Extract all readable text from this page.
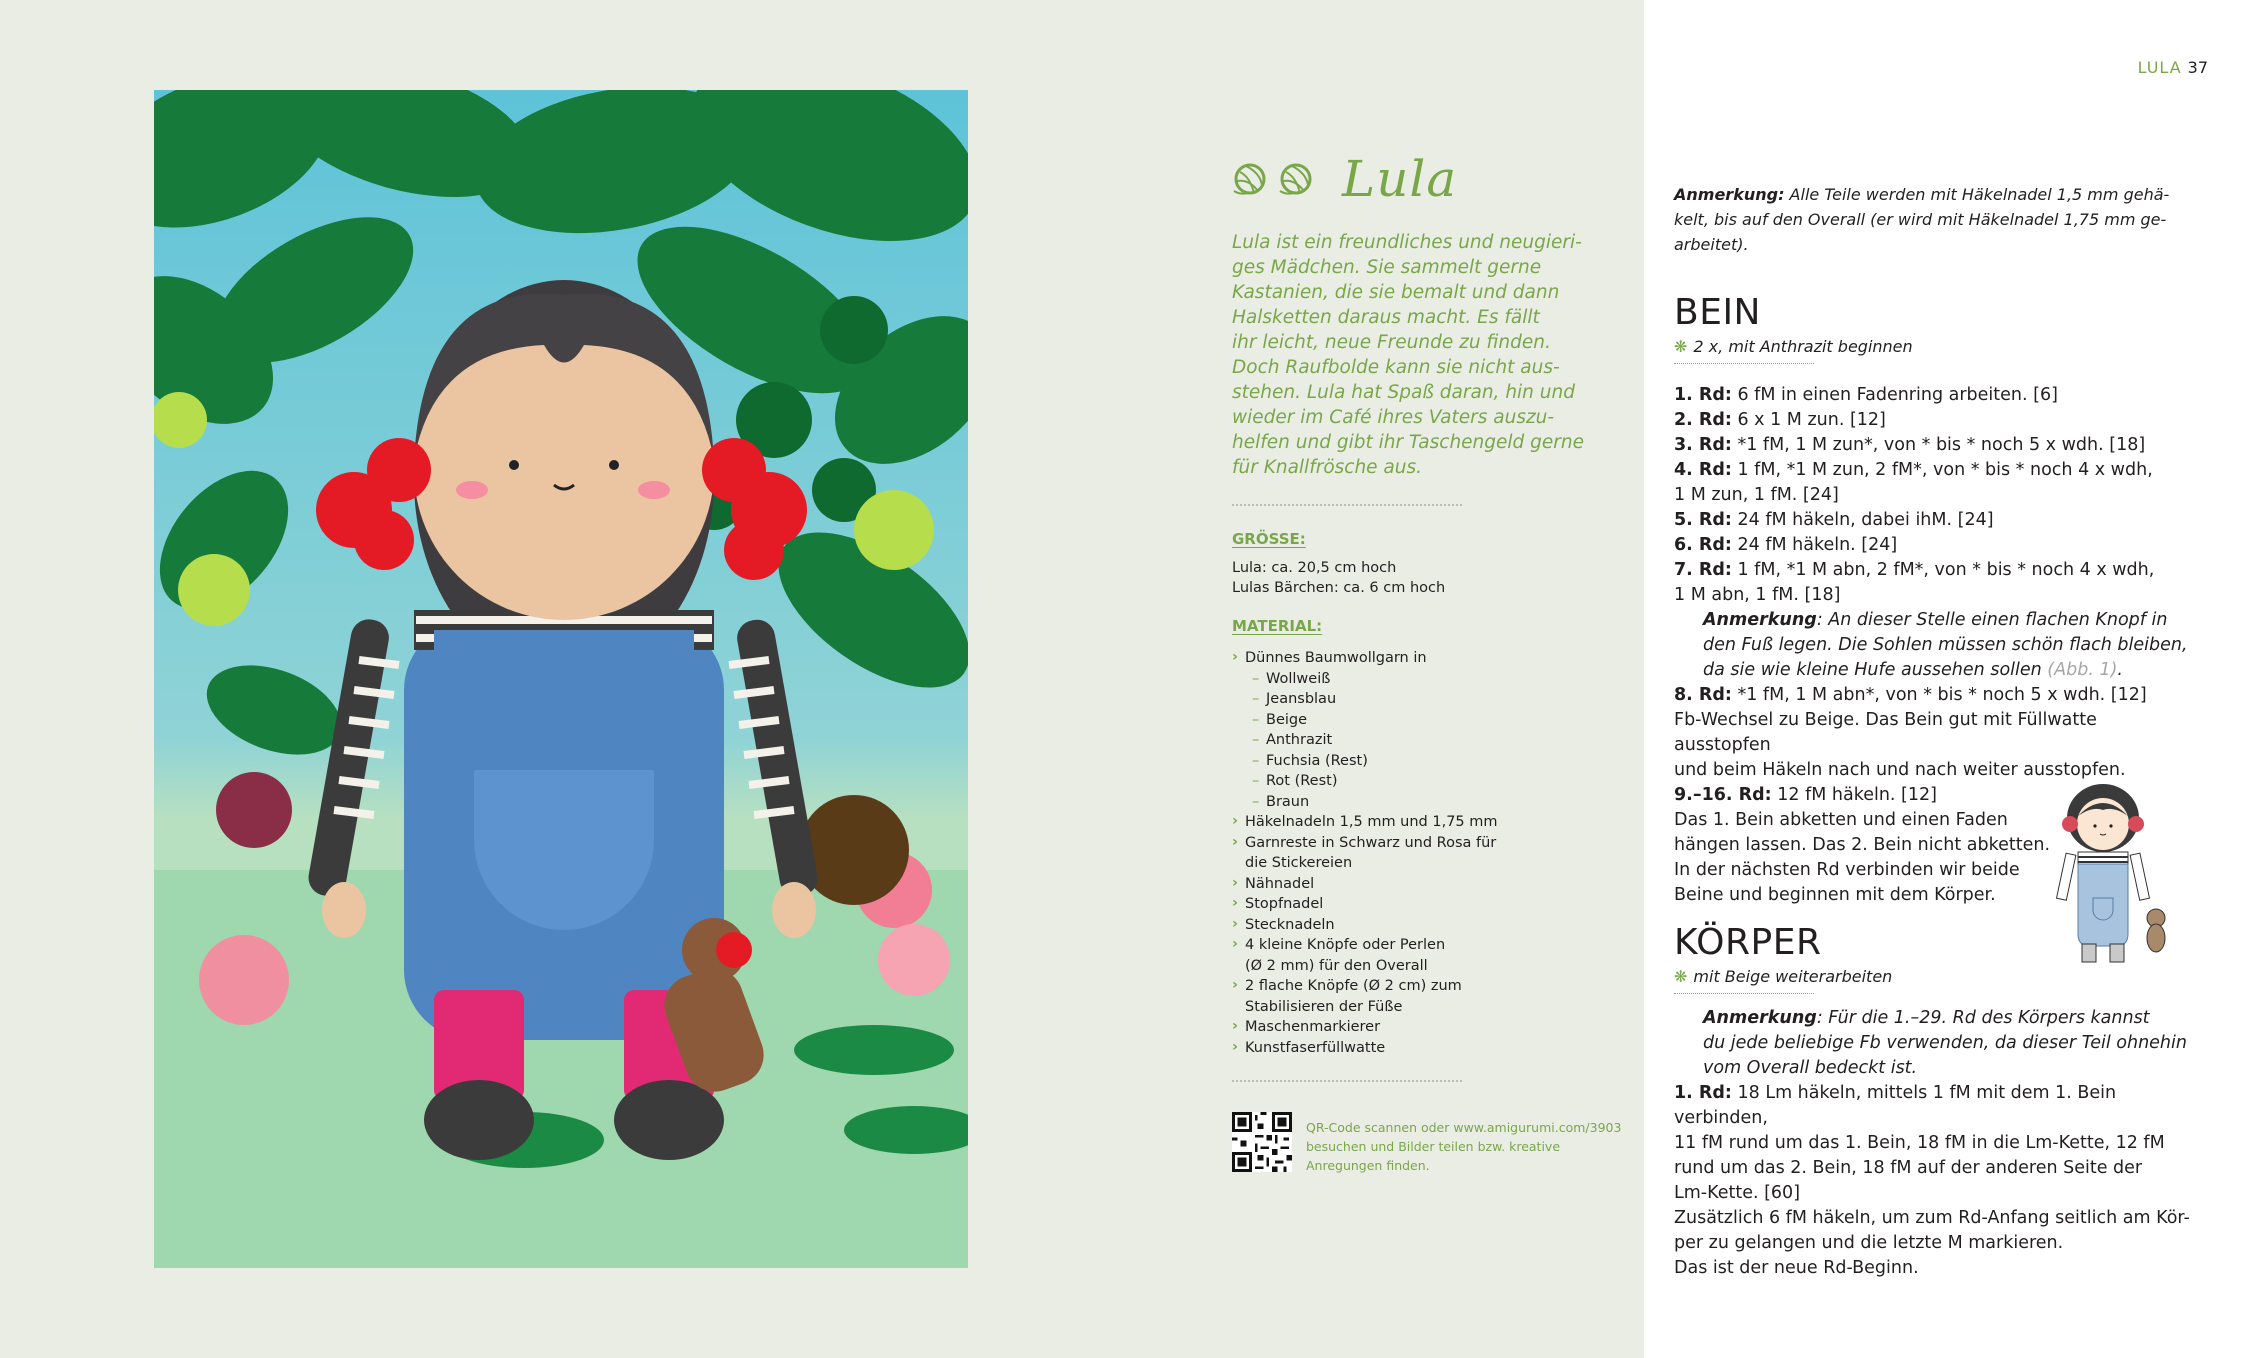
Lula

Lula ist ein freundliches und neugieri-
ges Mädchen. Sie sammelt gerne
Kastanien, die sie bemalt und dann
Halsketten daraus macht. Es fällt
ihr leicht, neue Freunde zu finden.
Doch Raufbolde kann sie nicht aus-
stehen. Lula hat Spaß daran, hin und
wieder im Café ihres Vaters auszu-
helfen und gibt ihr Taschengeld gerne
für Knallfrösche aus.

GRÖSSE:
Lula: ca. 20,5 cm hoch
Lulas Bärchen: ca. 6 cm hoch
MATERIAL:
› Dünnes Baumwollgarn in
– Wollweiß
– Jeansblau
– Beige
– Anthrazit
– Fuchsia (Rest)
– Rot (Rest)
– Braun
› Häkelnadeln 1,5 mm und 1,75 mm
› Garnreste in Schwarz und Rosa für
die Stickereien
› Nähnadel
› Stopfnadel
› Stecknadeln
› 4 kleine Knöpfe oder Perlen
(Ø 2 mm) für den Overall
› 2 flache Knöpfe (Ø 2 cm) zum
Stabilisieren der Füße
› Maschenmarkierer
› Kunstfaserfüllwatte
QR-Code scannen oder www.amigurumi.com/3903
besuchen und Bilder teilen bzw. kreative
Anregungen finden.
LULA 37

Anmerkung: Alle Teile werden mit Häkelnadel 1,5 mm gehä-
kelt, bis auf den Overall (er wird mit Häkelnadel 1,75 mm ge-
arbeitet).

BEIN
❋ 2 x, mit Anthrazit beginnen

1. Rd: 6 fM in einen Fadenring arbeiten. [6]

2. Rd: 6 x 1 M zun. [12]

3. Rd: *1 fM, 1 M zun*, von * bis * noch 5 x wdh. [18]

4. Rd: 1 fM, *1 M zun, 2 fM*, von * bis * noch 4 x wdh,
1 M zun, 1 fM. [24]

5. Rd: 24 fM häkeln, dabei ihM. [24]

6. Rd: 24 fM häkeln. [24]

7. Rd: 1 fM, *1 M abn, 2 fM*, von * bis * noch 4 x wdh,
1 M abn, 1 fM. [18]

Anmerkung: An dieser Stelle einen flachen Knopf in
den Fuß legen. Die Sohlen müssen schön flach bleiben,
da sie wie kleine Hufe aussehen sollen (Abb. 1).

8. Rd: *1 fM, 1 M abn*, von * bis * noch 5 x wdh. [12]

Fb-Wechsel zu Beige. Das Bein gut mit Füllwatte ausstopfen
und beim Häkeln nach und nach weiter ausstopfen.

9.–16. Rd: 12 fM häkeln. [12]

Das 1. Bein abketten und einen Faden
hängen lassen. Das 2. Bein nicht abketten.
In der nächsten Rd verbinden wir beide
Beine und beginnen mit dem Körper.

KÖRPER
❋ mit Beige weiterarbeiten

Anmerkung: Für die 1.–29. Rd des Körpers kannst
du jede beliebige Fb verwenden, da dieser Teil ohnehin
vom Overall bedeckt ist.

1. Rd: 18 Lm häkeln, mittels 1 fM mit dem 1. Bein verbinden,
11 fM rund um das 1. Bein, 18 fM in die Lm-Kette, 12 fM
rund um das 2. Bein, 18 fM auf der anderen Seite der
Lm-Kette. [60]

Zusätzlich 6 fM häkeln, um zum Rd-Anfang seitlich am Kör-
per zu gelangen und die letzte M markieren.
Das ist der neue Rd-Beginn.
